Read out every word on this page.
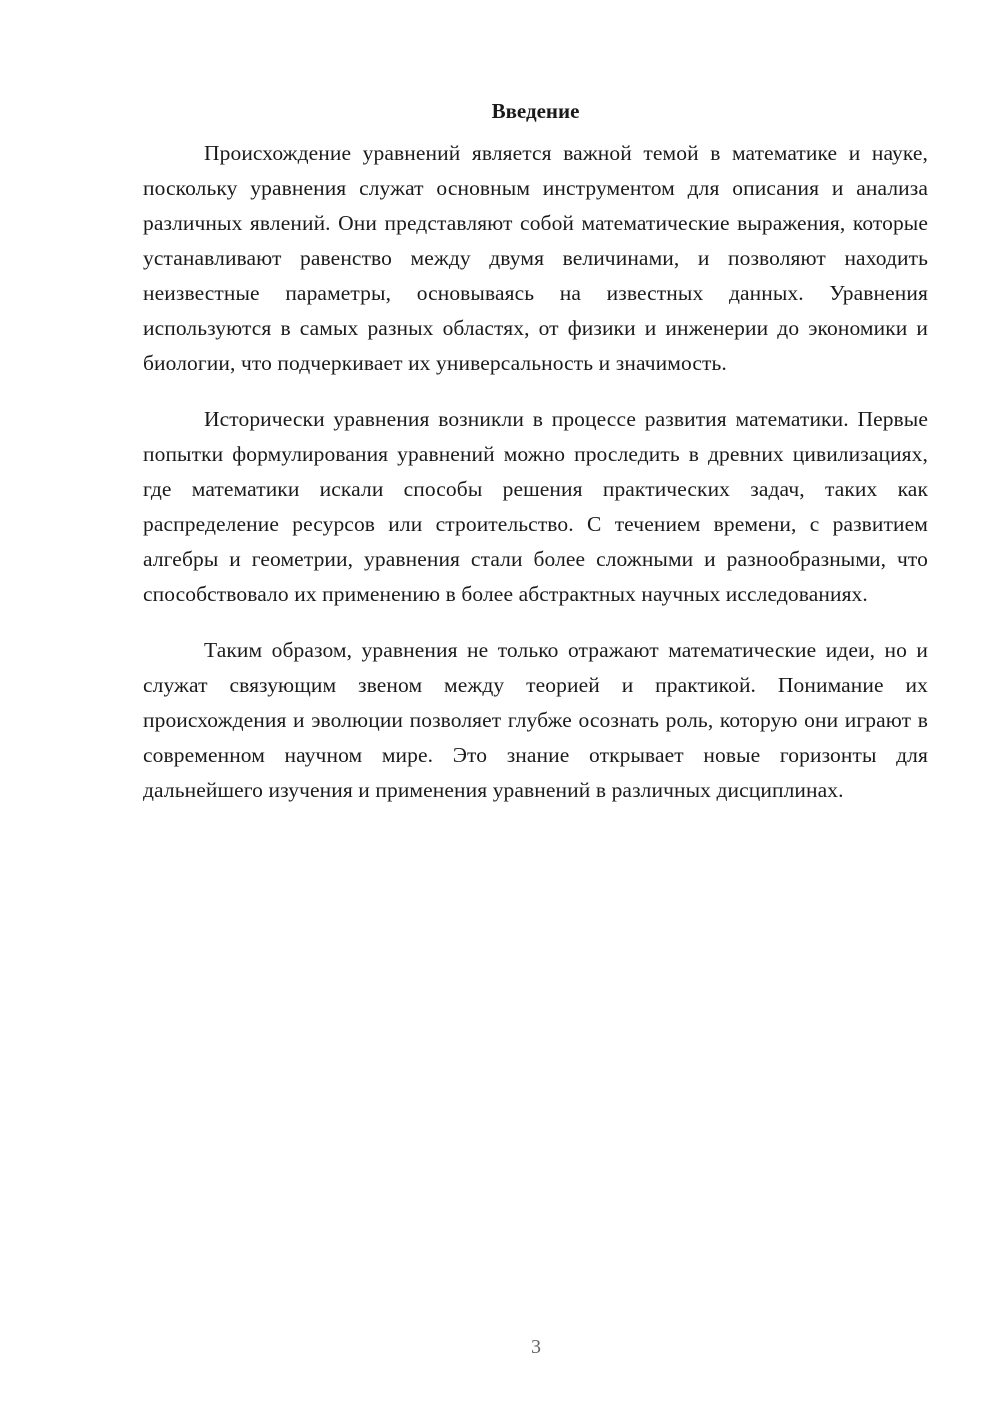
Введение

Происхождение уравнений является важной темой в математике и науке, поскольку уравнения служат основным инструментом для описания и анализа различных явлений. Они представляют собой математические выражения, которые устанавливают равенство между двумя величинами, и позволяют находить неизвестные параметры, основываясь на известных данных. Уравнения используются в самых разных областях, от физики и инженерии до экономики и биологии, что подчеркивает их универсальность и значимость.

Исторически уравнения возникли в процессе развития математики. Первые попытки формулирования уравнений можно проследить в древних цивилизациях, где математики искали способы решения практических задач, таких как распределение ресурсов или строительство. С течением времени, с развитием алгебры и геометрии, уравнения стали более сложными и разнообразными, что способствовало их применению в более абстрактных научных исследованиях.

Таким образом, уравнения не только отражают математические идеи, но и служат связующим звеном между теорией и практикой. Понимание их происхождения и эволюции позволяет глубже осознать роль, которую они играют в современном научном мире. Это знание открывает новые горизонты для дальнейшего изучения и применения уравнений в различных дисциплинах.

3
